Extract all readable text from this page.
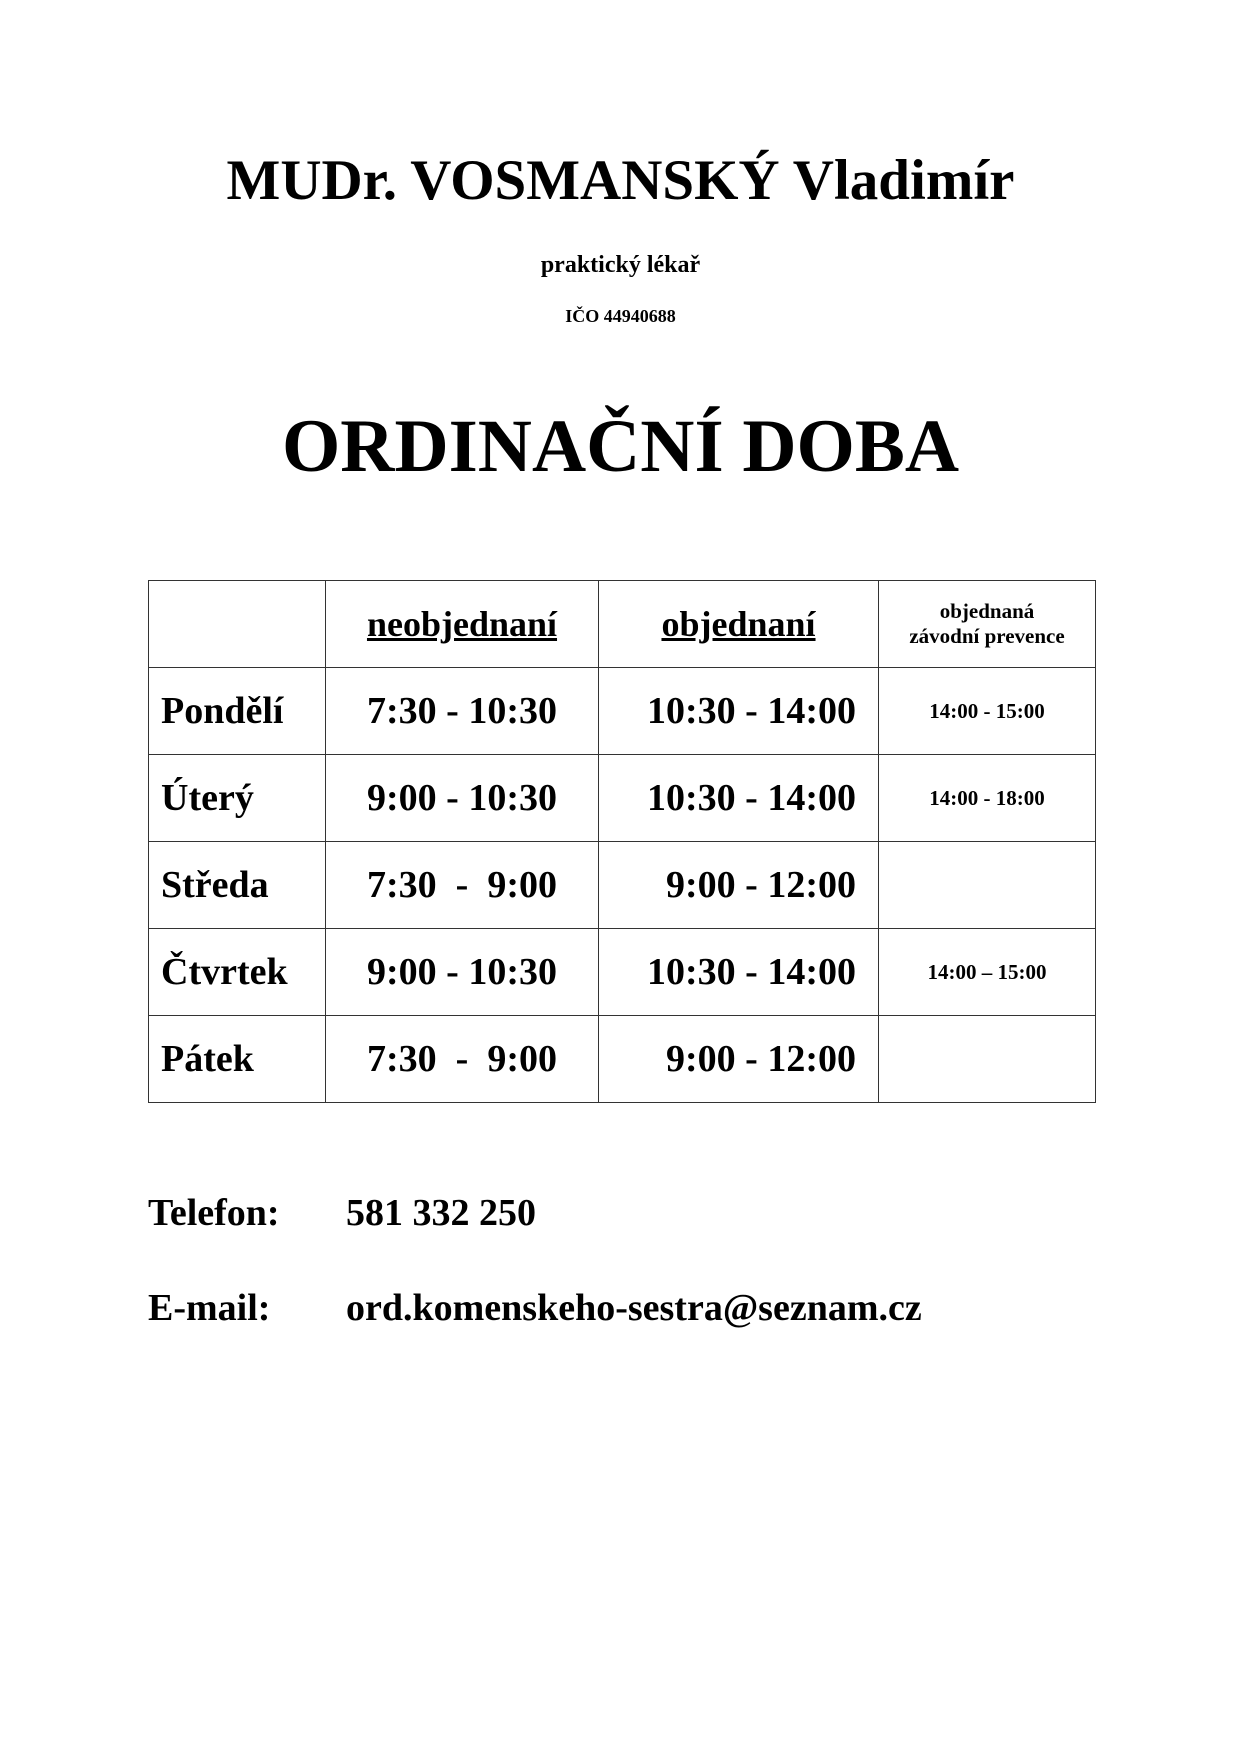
MUDr. VOSMANSKÝ Vladimír
praktický lékař
IČO 44940688
ORDINAČNÍ DOBA
	neobjednaní	objednaní	objednaná
závodní prevence

Pondělí	7:30 - 10:30	10:30 - 14:00	14:00 - 15:00
Úterý	9:00 - 10:30	10:30 - 14:00	14:00 - 18:00
Středa	7:30  -  9:00	9:00 - 12:00	
Čtvrtek	9:00 - 10:30	10:30 - 14:00	14:00 – 15:00
Pátek	7:30  -  9:00	9:00 - 12:00	
Telefon: 581 332 250
E-mail: ord.komenskeho-sestra@seznam.cz
